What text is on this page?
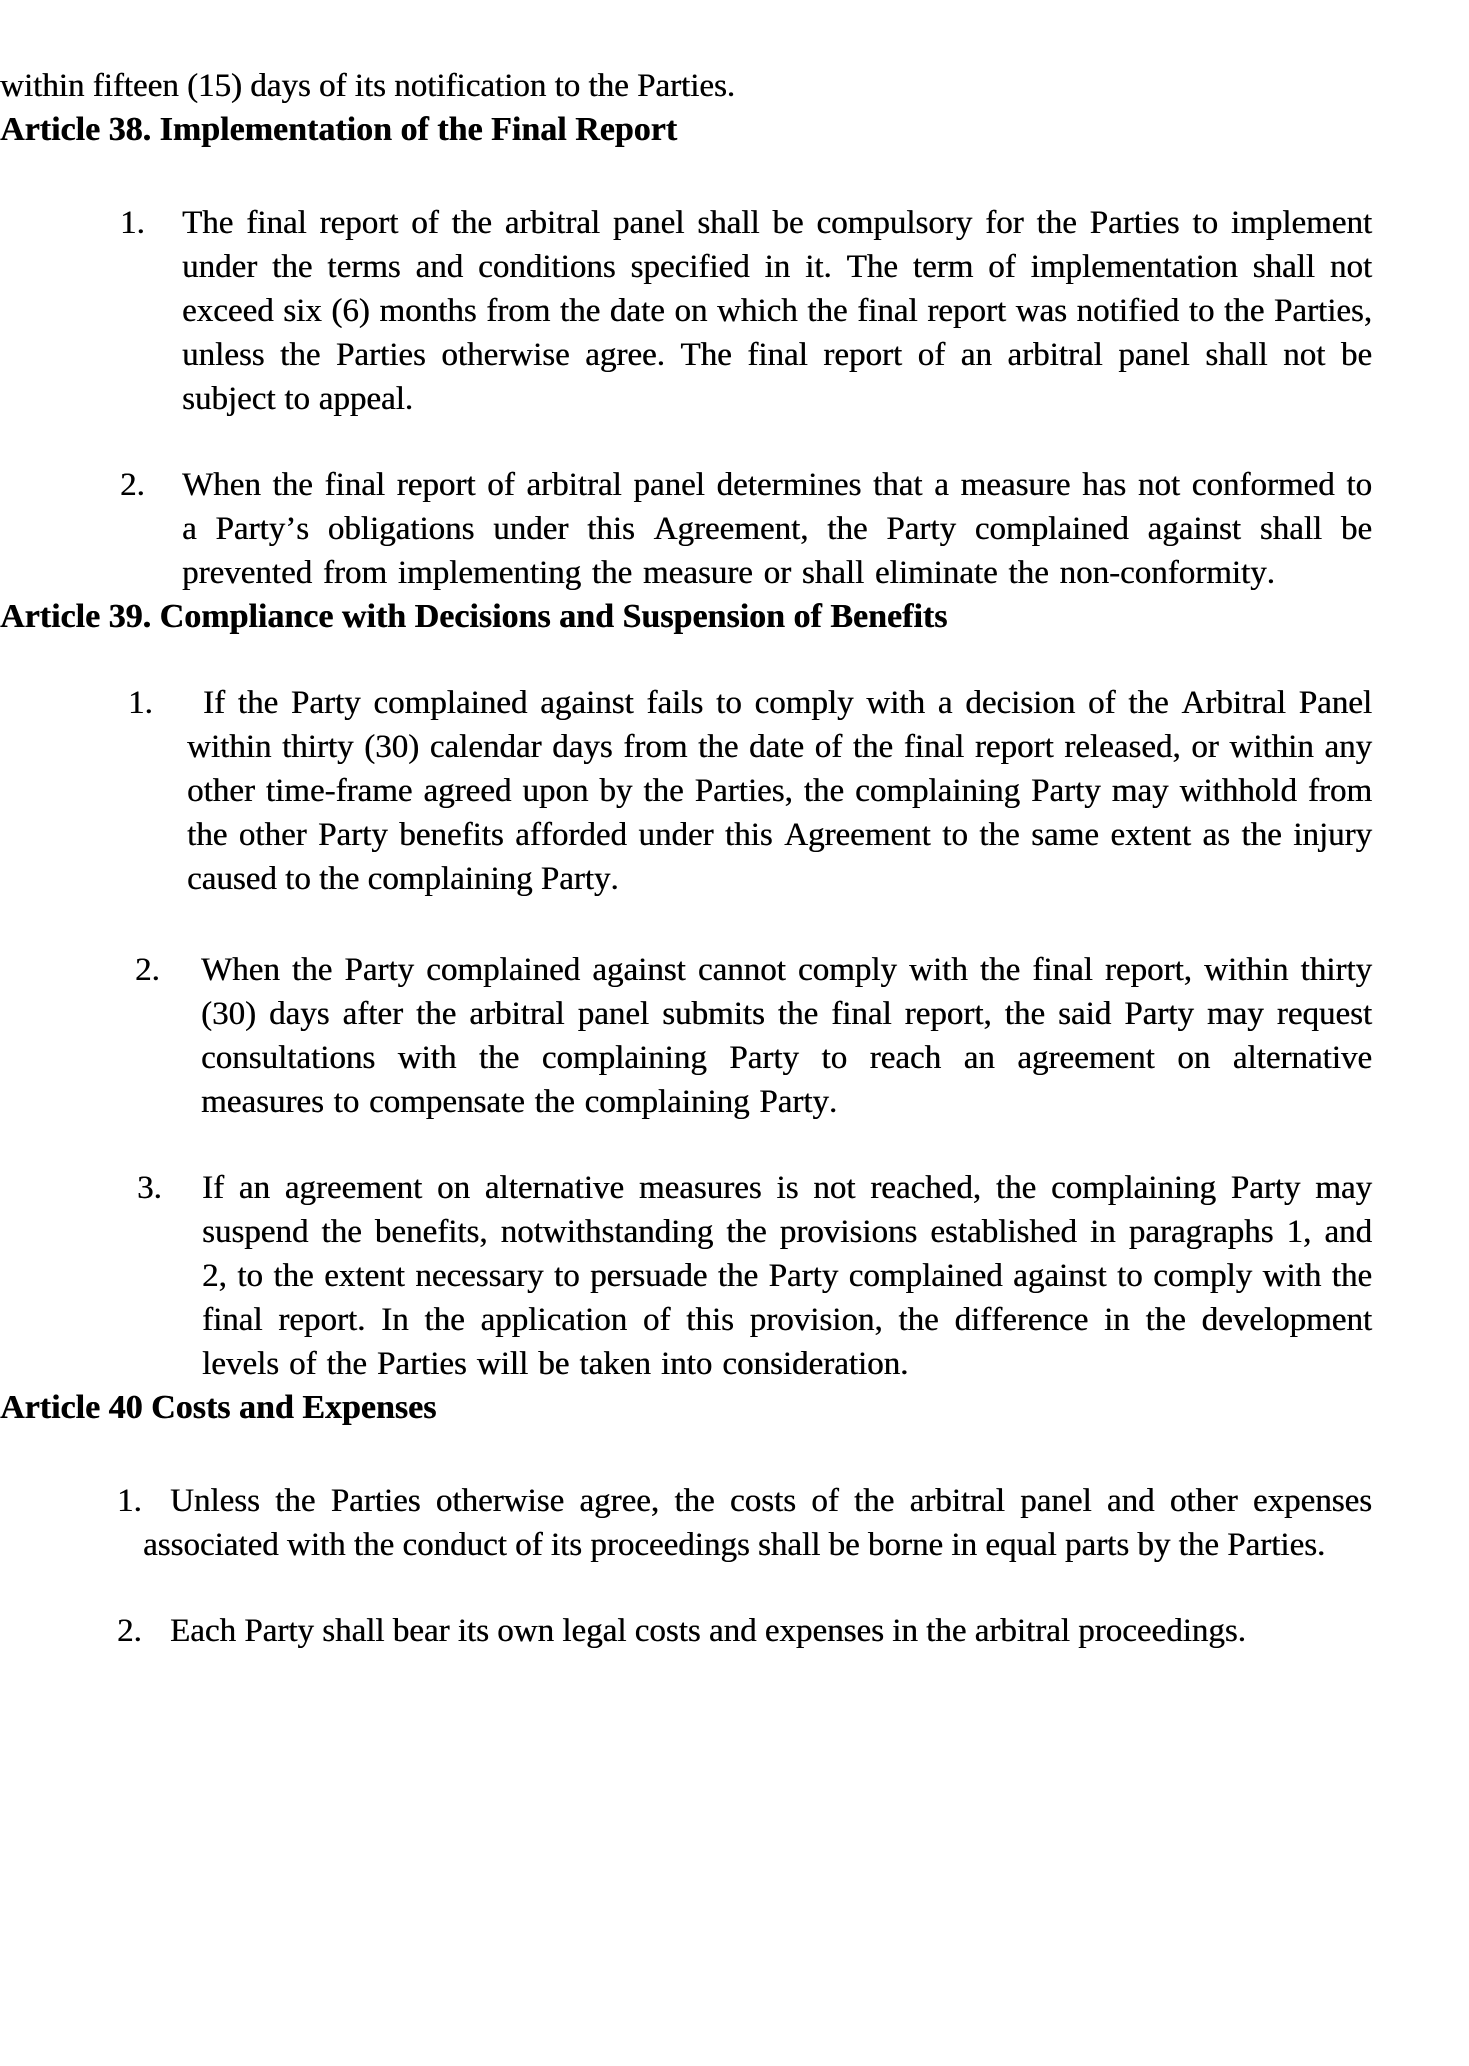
within fifteen (15) days of its notification to the Parties.

Article 38. Implementation of the Final Report
1. The final report of the arbitral panel shall be compulsory for the Parties to implement under the terms and conditions specified in it. The term of implementation shall not exceed six (6) months from the date on which the final report was notified to the Parties, unless the Parties otherwise agree. The final report of an arbitral panel shall not be subject to appeal.

2. When the final report of arbitral panel determines that a measure has not conformed to a Party’s obligations under this Agreement, the Party complained against shall be prevented from implementing the measure or shall eliminate the non-conformity.

Article 39. Compliance with Decisions and Suspension of Benefits
1.	If the Party complained against fails to comply with a decision of the Arbitral Panel within thirty (30) calendar days from the date of the final report released, or within any other time-frame agreed upon by the Parties, the complaining Party may withhold from the other Party benefits afforded under this Agreement to the same extent as the injury caused to the complaining Party.

2. When the Party complained against cannot comply with the final report, within thirty (30) days after the arbitral panel submits the final report, the said Party may request consultations with the complaining Party to reach an agreement on alternative measures to compensate the complaining Party.

3. If an agreement on alternative measures is not reached, the complaining Party may suspend the benefits, notwithstanding the provisions established in paragraphs 1, and 2, to the extent necessary to persuade the Party complained against to comply with the final report. In the application of this provision, the difference in the development levels of the Parties will be taken into consideration.

Article 40 Costs and Expenses
1. Unless the Parties otherwise agree, the costs of the arbitral panel and other expenses associated with the conduct of its proceedings shall be borne in equal parts by the Parties.

2. Each Party shall bear its own legal costs and expenses in the arbitral proceedings.
